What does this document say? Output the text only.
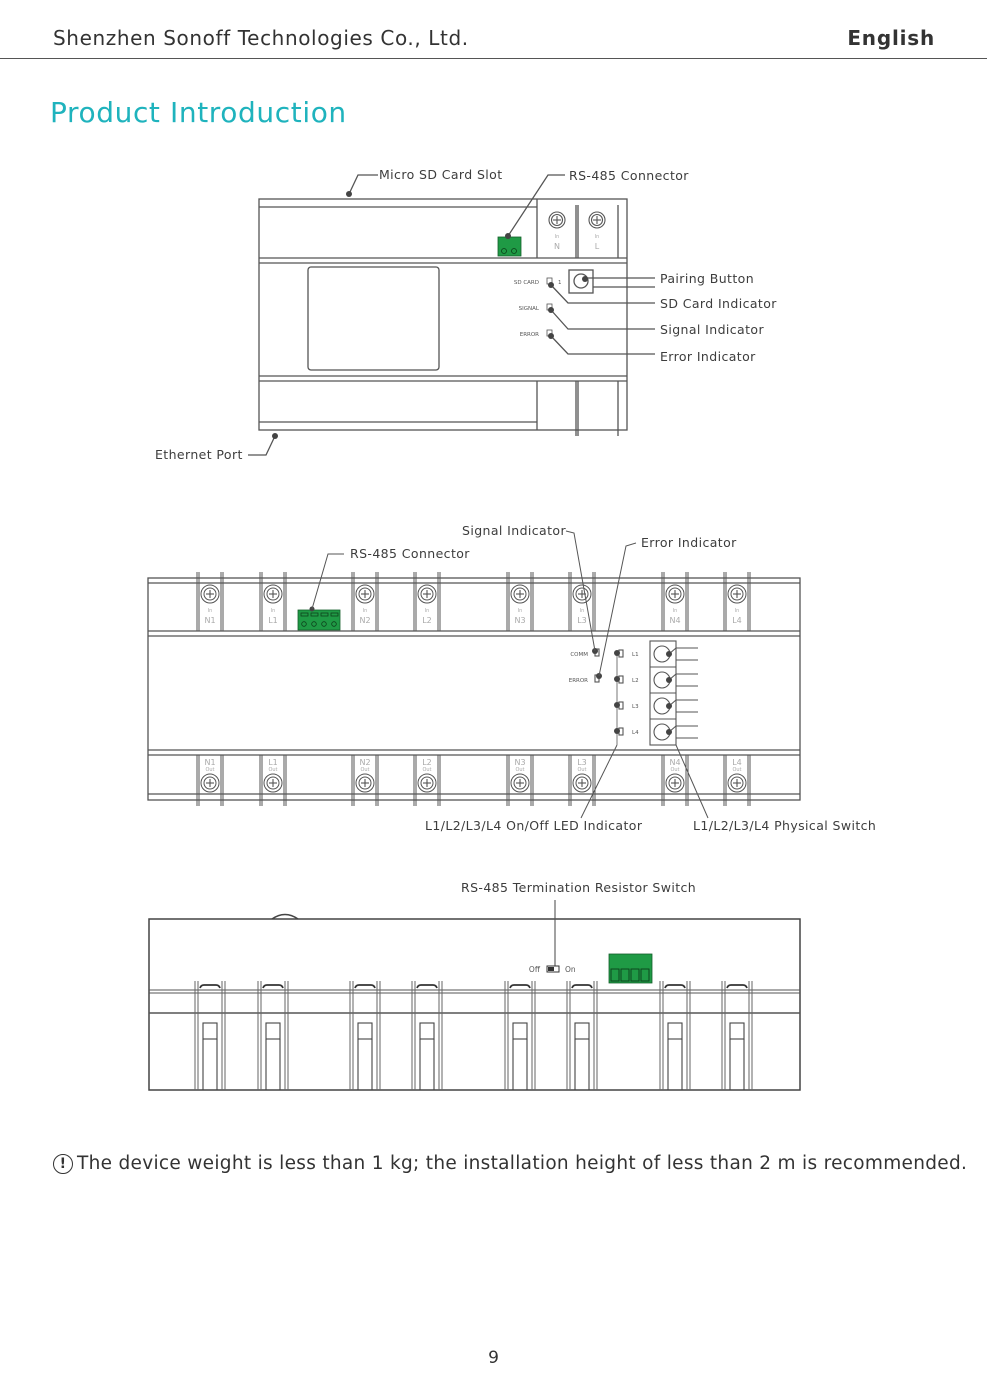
Shenzhen Sonoff Technologies Co., Ltd.	English
Product Introduction
In
N
In
L
SD CARD	1
SIGNAL
ERROR
Micro SD Card Slot	RS-485 Connector
Pairing Button
SD Card Indicator
Signal Indicator
Error Indicator
Ethernet Port
In
N1
N1
Out
In
L1
L1
Out
In
N2
N2
Out
In
L2
L2
Out
In
N3
N3
Out
In
L3
L3
Out
In
N4
N4
Out
In
L4
L4
Out
COMM
ERROR
L1
L2
L3
L4
Signal Indicator
Error Indicator
RS-485 Connector
L1/L2/L3/L4 On/Off LED Indicator	L1/L2/L3/L4 Physical Switch
Off	On
RS-485 Termination Resistor Switch
! The device weight is less than 1 kg; the installation height of less than 2 m is recommended.
9
